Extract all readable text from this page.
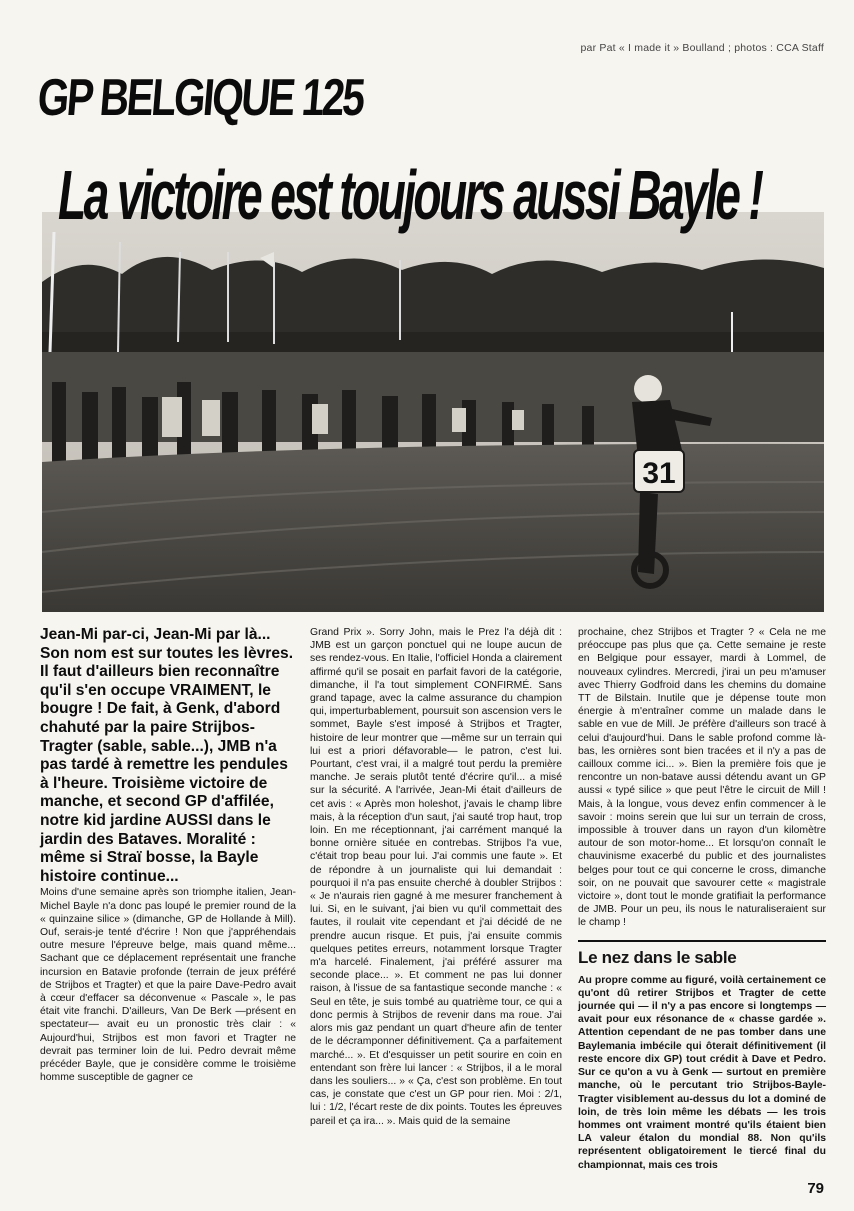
par Pat « I made it » Boulland ; photos : CCA Staff
GP BELGIQUE 125
31
La victoire est toujours aussi Bayle !

Jean-Mi par-ci, Jean-Mi par là... Son nom est sur toutes les lèvres. Il faut d'ailleurs bien reconnaître qu'il s'en occupe VRAIMENT, le bougre ! De fait, à Genk, d'abord chahuté par la paire Strijbos-Tragter (sable, sable...), JMB n'a pas tardé à remettre les pendules à l'heure. Troisième victoire de manche, et second GP d'affilée, notre kid jardine AUSSI dans le jardin des Bataves. Moralité : même si Straï bosse, la Bayle histoire continue...

Moins d'une semaine après son triomphe italien, Jean-Michel Bayle n'a donc pas loupé le premier round de la « quinzaine silice » (dimanche, GP de Hollande à Mill). Ouf, serais-je tenté d'écrire ! Non que j'appréhendais outre mesure l'épreuve belge, mais quand même... Sachant que ce déplacement représentait une franche incursion en Batavie profonde (terrain de jeux préféré de Strijbos et Tragter) et que la paire Dave-Pedro avait à cœur d'effacer sa déconvenue « Pascale », le pas était vite franchi. D'ailleurs, Van De Berk —présent en spectateur— avait eu un pronostic très clair : « Aujourd'hui, Strijbos est mon favori et Tragter ne devrait pas terminer loin de lui. Pedro devrait même précéder Bayle, que je considère comme le troisième homme susceptible de gagner ce

Grand Prix ». Sorry John, mais le Prez l'a déjà dit : JMB est un garçon ponctuel qui ne loupe aucun de ses rendez-vous. En Italie, l'officiel Honda a clairement affirmé qu'il se posait en parfait favori de la catégorie, dimanche, il l'a tout simplement CONFIRMÉ. Sans grand tapage, avec la calme assurance du champion qui, imperturbablement, poursuit son ascension vers le sommet, Bayle s'est imposé à Strijbos et Tragter, histoire de leur montrer que —même sur un terrain qui lui est a priori défavorable— le patron, c'est lui. Pourtant, c'est vrai, il a malgré tout perdu la première manche. Je serais plutôt tenté d'écrire qu'il... a misé sur la sécurité. A l'arrivée, Jean-Mi était d'ailleurs de cet avis : « Après mon holeshot, j'avais le champ libre mais, à la réception d'un saut, j'ai sauté trop haut, trop loin. En me réceptionnant, j'ai carrément manqué la bonne ornière située en contrebas. Strijbos l'a vue, c'était trop beau pour lui. J'ai commis une faute ». Et de répondre à un journaliste qui lui demandait : pourquoi il n'a pas ensuite cherché à doubler Strijbos : « Je n'aurais rien gagné à me mesurer franchement à lui. Si, en le suivant, j'ai bien vu qu'il commettait des fautes, il roulait vite cependant et j'ai décidé de ne prendre aucun risque. Et puis, j'ai ensuite commis quelques petites erreurs, notamment lorsque Tragter m'a harcelé. Finalement, j'ai préféré assurer ma seconde place... ». Et comment ne pas lui donner raison, à l'issue de sa fantastique seconde manche : « Seul en tête, je suis tombé au quatrième tour, ce qui a donc permis à Strijbos de revenir dans ma roue. J'ai alors mis gaz pendant un quart d'heure afin de tenter de le décramponner définitivement. Ça a parfaitement marché... ». Et d'esquisser un petit sourire en coin en entendant son frère lui lancer : « Strijbos, il a le moral dans les souliers... » « Ça, c'est son problème. En tout cas, je constate que c'est un GP pour rien. Moi : 2/1, lui : 1/2, l'écart reste de dix points. Toutes les épreuves pareil et ça ira... ». Mais quid de la semaine

prochaine, chez Strijbos et Tragter ? « Cela ne me préoccupe pas plus que ça. Cette semaine je reste en Belgique pour essayer, mardi à Lommel, de nouveaux cylindres. Mercredi, j'irai un peu m'amuser avec Thierry Godfroid dans les chemins du domaine TT de Bilstain. Inutile que je dépense toute mon énergie à m'entraîner comme un malade dans le sable en vue de Mill. Je préfère d'ailleurs son tracé à celui d'aujourd'hui. Dans le sable profond comme là-bas, les ornières sont bien tracées et il n'y a pas de cailloux comme ici... ». Bien la première fois que je rencontre un non-batave aussi détendu avant un GP aussi « typé silice » que peut l'être le circuit de Mill ! Mais, à la longue, vous devez enfin commencer à le savoir : moins serein que lui sur un terrain de cross, impossible à trouver dans un rayon d'un kilomètre autour de son motor-home... Et lorsqu'on connaît le chauvinisme exacerbé du public et des journalistes belges pour tout ce qui concerne le cross, dimanche soir, on ne pouvait que savourer cette « magistrale victoire », dont tout le monde gratifiait la performance de JMB. Pour un peu, ils nous le naturaliseraient sur le champ !

Le nez dans le sable

Au propre comme au figuré, voilà certainement ce qu'ont dû retirer Strijbos et Tragter de cette journée qui — il n'y a pas encore si longtemps — avait pour eux résonance de « chasse gardée ». Attention cependant de ne pas tomber dans une Baylemania imbécile qui ôterait définitivement (il reste encore dix GP) tout crédit à Dave et Pedro. Sur ce qu'on a vu à Genk — surtout en première manche, où le percutant trio Strijbos-Bayle-Tragter visiblement au-dessus du lot a dominé de loin, de très loin même les débats — les trois hommes ont vraiment montré qu'ils étaient bien LA valeur étalon du mondial 88. Non qu'ils représentent obligatoirement le tiercé final du championnat, mais ces trois

79
